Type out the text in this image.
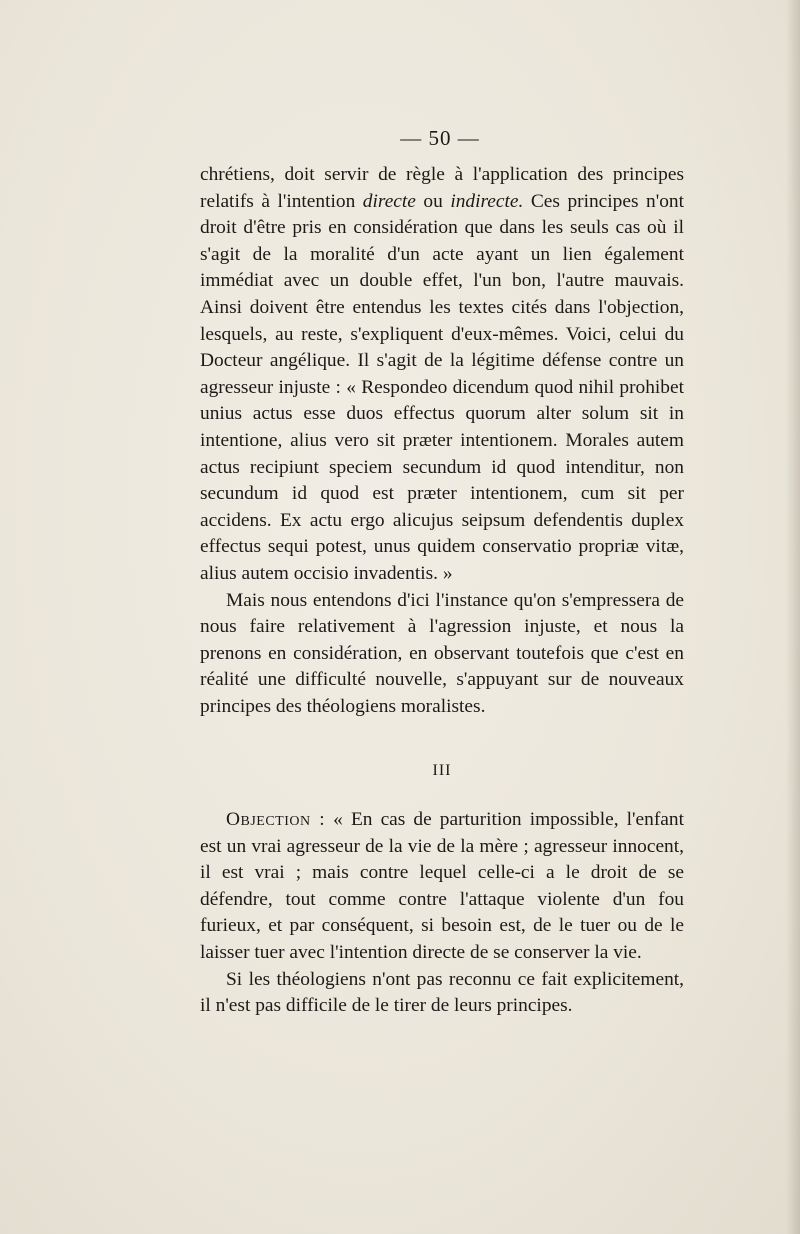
— 50 —

chrétiens, doit servir de règle à l'application des principes relatifs à l'intention directe ou indirecte. Ces principes n'ont droit d'être pris en considération que dans les seuls cas où il s'agit de la moralité d'un acte ayant un lien également immédiat avec un double effet, l'un bon, l'autre mauvais. Ainsi doivent être entendus les textes cités dans l'objection, lesquels, au reste, s'expliquent d'eux-mêmes. Voici, celui du Docteur angélique. Il s'agit de la légitime défense contre un agresseur injuste : « Respondeo dicendum quod nihil prohibet unius actus esse duos effectus quorum alter solum sit in intentione, alius vero sit præter intentionem. Morales autem actus recipiunt speciem secundum id quod intenditur, non secundum id quod est præter intentionem, cum sit per accidens. Ex actu ergo alicujus seipsum defendentis duplex effectus sequi potest, unus quidem conservatio propriæ vitæ, alius autem occisio invadentis. »

Mais nous entendons d'ici l'instance qu'on s'empressera de nous faire relativement à l'agression injuste, et nous la prenons en considération, en observant toutefois que c'est en réalité une difficulté nouvelle, s'appuyant sur de nouveaux principes des théologiens moralistes.

III

Objection : « En cas de parturition impossible, l'enfant est un vrai agresseur de la vie de la mère ; agresseur innocent, il est vrai ; mais contre lequel celle-ci a le droit de se défendre, tout comme contre l'attaque violente d'un fou furieux, et par conséquent, si besoin est, de le tuer ou de le laisser tuer avec l'intention directe de se conserver la vie.

Si les théologiens n'ont pas reconnu ce fait explicitement, il n'est pas difficile de le tirer de leurs principes.
